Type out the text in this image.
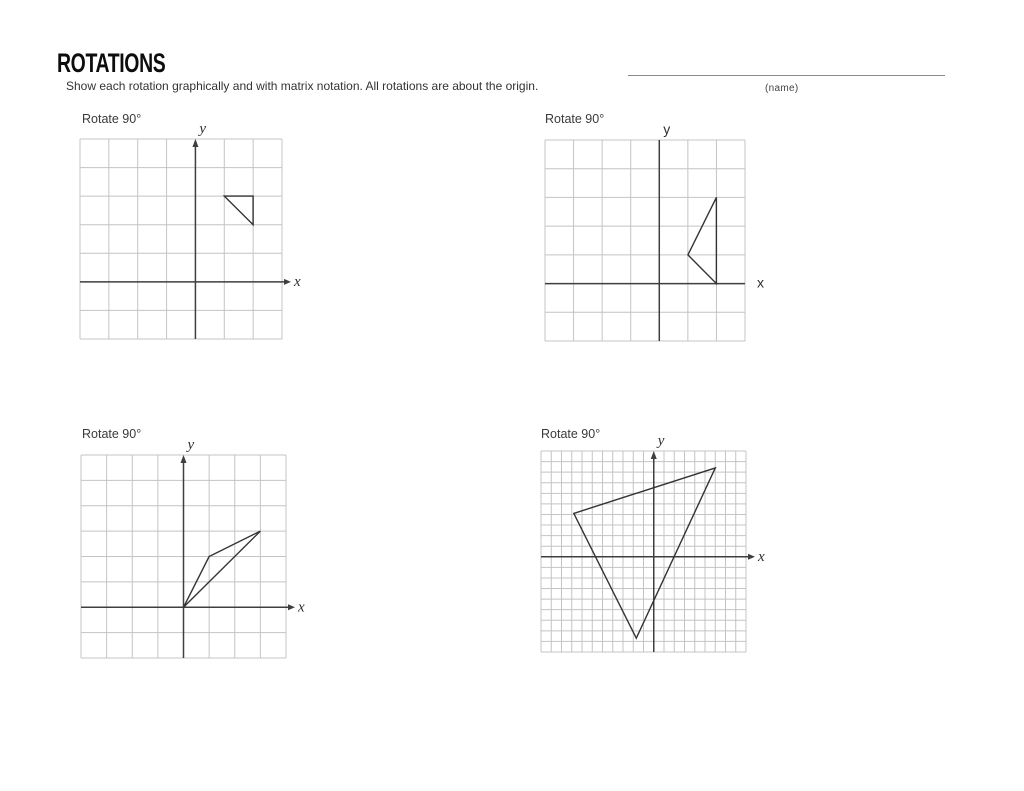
ROTATIONS
Show each rotation graphically and with matrix notation. All rotations are about the origin.	(name)
Rotate 90°
x
y
Rotate 90°
x
y
Rotate 90°
x
y
Rotate 90°
x
y
